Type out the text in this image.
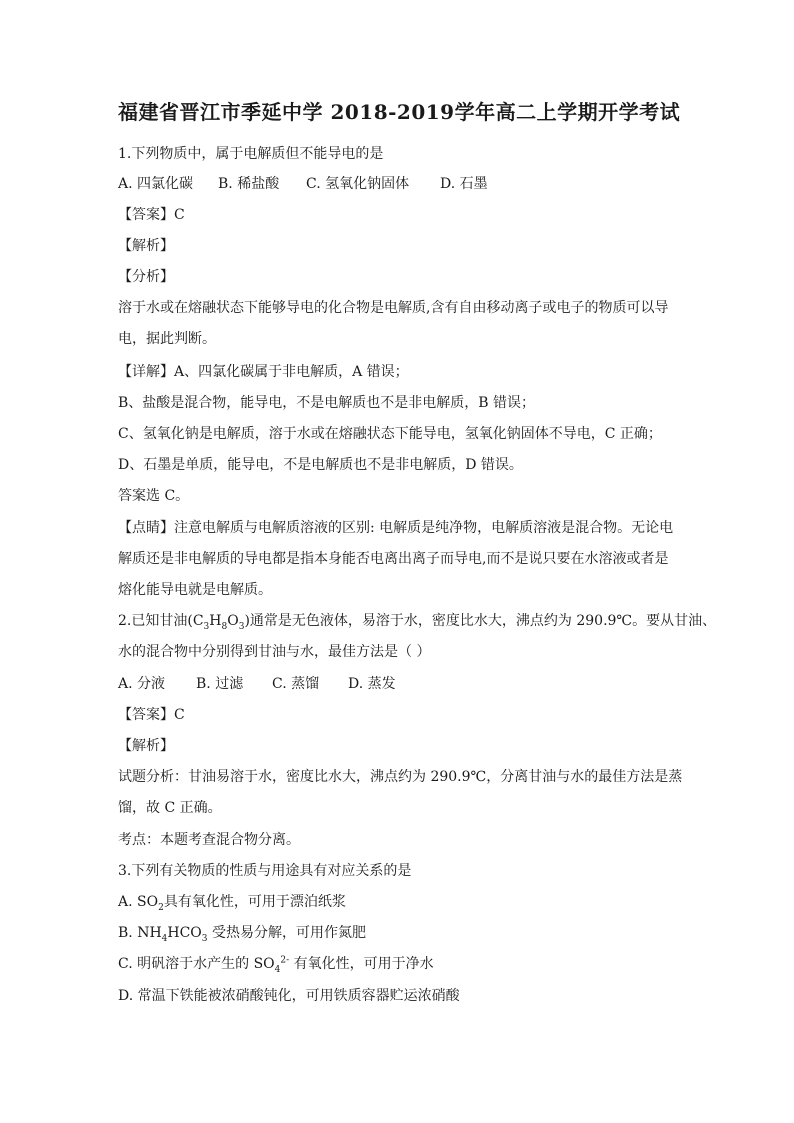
福建省晋江市季延中学 2018-2019学年高二上学期开学考试
1.下列物质中，属于电解质但不能导电的是
A. 四氯化碳 B. 稀盐酸 C. 氢氧化钠固体 D. 石墨
【答案】C
【解析】
【分析】
溶于水或在熔融状态下能够导电的化合物是电解质,含有自由移动离子或电子的物质可以导
电，据此判断。
【详解】A、四氯化碳属于非电解质，A 错误；
B、盐酸是混合物，能导电，不是电解质也不是非电解质，B 错误；
C、氢氧化钠是电解质，溶于水或在熔融状态下能导电，氢氧化钠固体不导电，C 正确；
D、石墨是单质，能导电，不是电解质也不是非电解质，D 错误。
答案选 C。
【点睛】注意电解质与电解质溶液的区别: 电解质是纯净物，电解质溶液是混合物。无论电
解质还是非电解质的导电都是指本身能否电离出离子而导电,而不是说只要在水溶液或者是
熔化能导电就是电解质。
2.已知甘油$(C_3H_8O_3)$通常是无色液体，易溶于水，密度比水大，沸点约为 290.9℃。要从甘油、
水的混合物中分别得到甘油与水，最佳方法是（ ）
A. 分液 B. 过滤 C. 蒸馏 D. 蒸发
【答案】C
【解析】
试题分析：甘油易溶于水，密度比水大，沸点约为 290.9℃，分离甘油与水的最佳方法是蒸
馏，故 C 正确。
考点：本题考查混合物分离。
3.下列有关物质的性质与用途具有对应关系的是
A. $SO_2$具有氧化性，可用于漂泊纸浆
B. $NH_4HCO_3$ 受热易分解，可用作氮肥
C. 明矾溶于水产生的 $SO_4^{2-}$ 有氧化性，可用于净水
D. 常温下铁能被浓硝酸钝化，可用铁质容器贮运浓硝酸
